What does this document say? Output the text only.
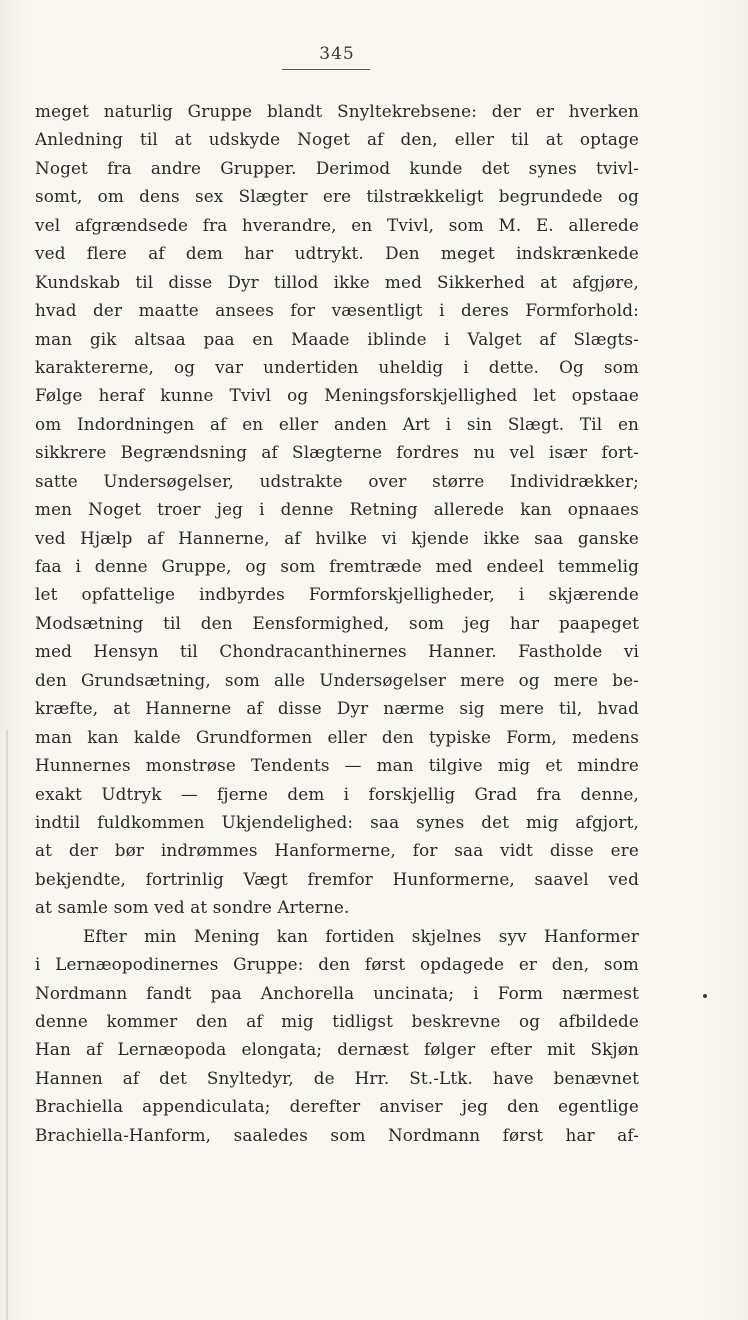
345
meget naturlig Gruppe blandt Snyltekrebsene: der er hverken
Anledning til at udskyde Noget af den, eller til at optage
Noget fra andre Grupper. Derimod kunde det synes tvivl-
somt, om dens sex Slægter ere tilstrækkeligt begrundede og
vel afgrændsede fra hverandre, en Tvivl, som M. E. allerede
ved flere af dem har udtrykt. Den meget indskrænkede
Kundskab til disse Dyr tillod ikke med Sikkerhed at afgjøre,
hvad der maatte ansees for væsentligt i deres Formforhold:
man gik altsaa paa en Maade iblinde i Valget af Slægts-
karaktererne, og var undertiden uheldig i dette. Og som
Følge heraf kunne Tvivl og Meningsforskjellighed let opstaae
om Indordningen af en eller anden Art i sin Slægt. Til en
sikkrere Begrændsning af Slægterne fordres nu vel især fort-
satte Undersøgelser, udstrakte over større Individrækker;
men Noget troer jeg i denne Retning allerede kan opnaaes
ved Hjælp af Hannerne, af hvilke vi kjende ikke saa ganske
faa i denne Gruppe, og som fremtræde med endeel temmelig
let opfattelige indbyrdes Formforskjelligheder, i skjærende
Modsætning til den Eensformighed, som jeg har paapeget
med Hensyn til Chondracanthinernes Hanner. Fastholde vi
den Grundsætning, som alle Undersøgelser mere og mere be-
kræfte, at Hannerne af disse Dyr nærme sig mere til, hvad
man kan kalde Grundformen eller den typiske Form, medens
Hunnernes monstrøse Tendents — man tilgive mig et mindre
exakt Udtryk — fjerne dem i forskjellig Grad fra denne,
indtil fuldkommen Ukjendelighed: saa synes det mig afgjort,
at der bør indrømmes Hanformerne, for saa vidt disse ere
bekjendte, fortrinlig Vægt fremfor Hunformerne, saavel ved
at samle som ved at sondre Arterne.
Efter min Mening kan fortiden skjelnes syv Hanformer
i Lernæopodinernes Gruppe: den først opdagede er den, som
Nordmann fandt paa Anchorella uncinata; i Form nærmest
denne kommer den af mig tidligst beskrevne og afbildede
Han af Lernæopoda elongata; dernæst følger efter mit Skjøn
Hannen af det Snyltedyr, de Hrr. St.-Ltk. have benævnet
Brachiella appendiculata; derefter anviser jeg den egentlige
Brachiella-Hanform, saaledes som Nordmann først har af-
